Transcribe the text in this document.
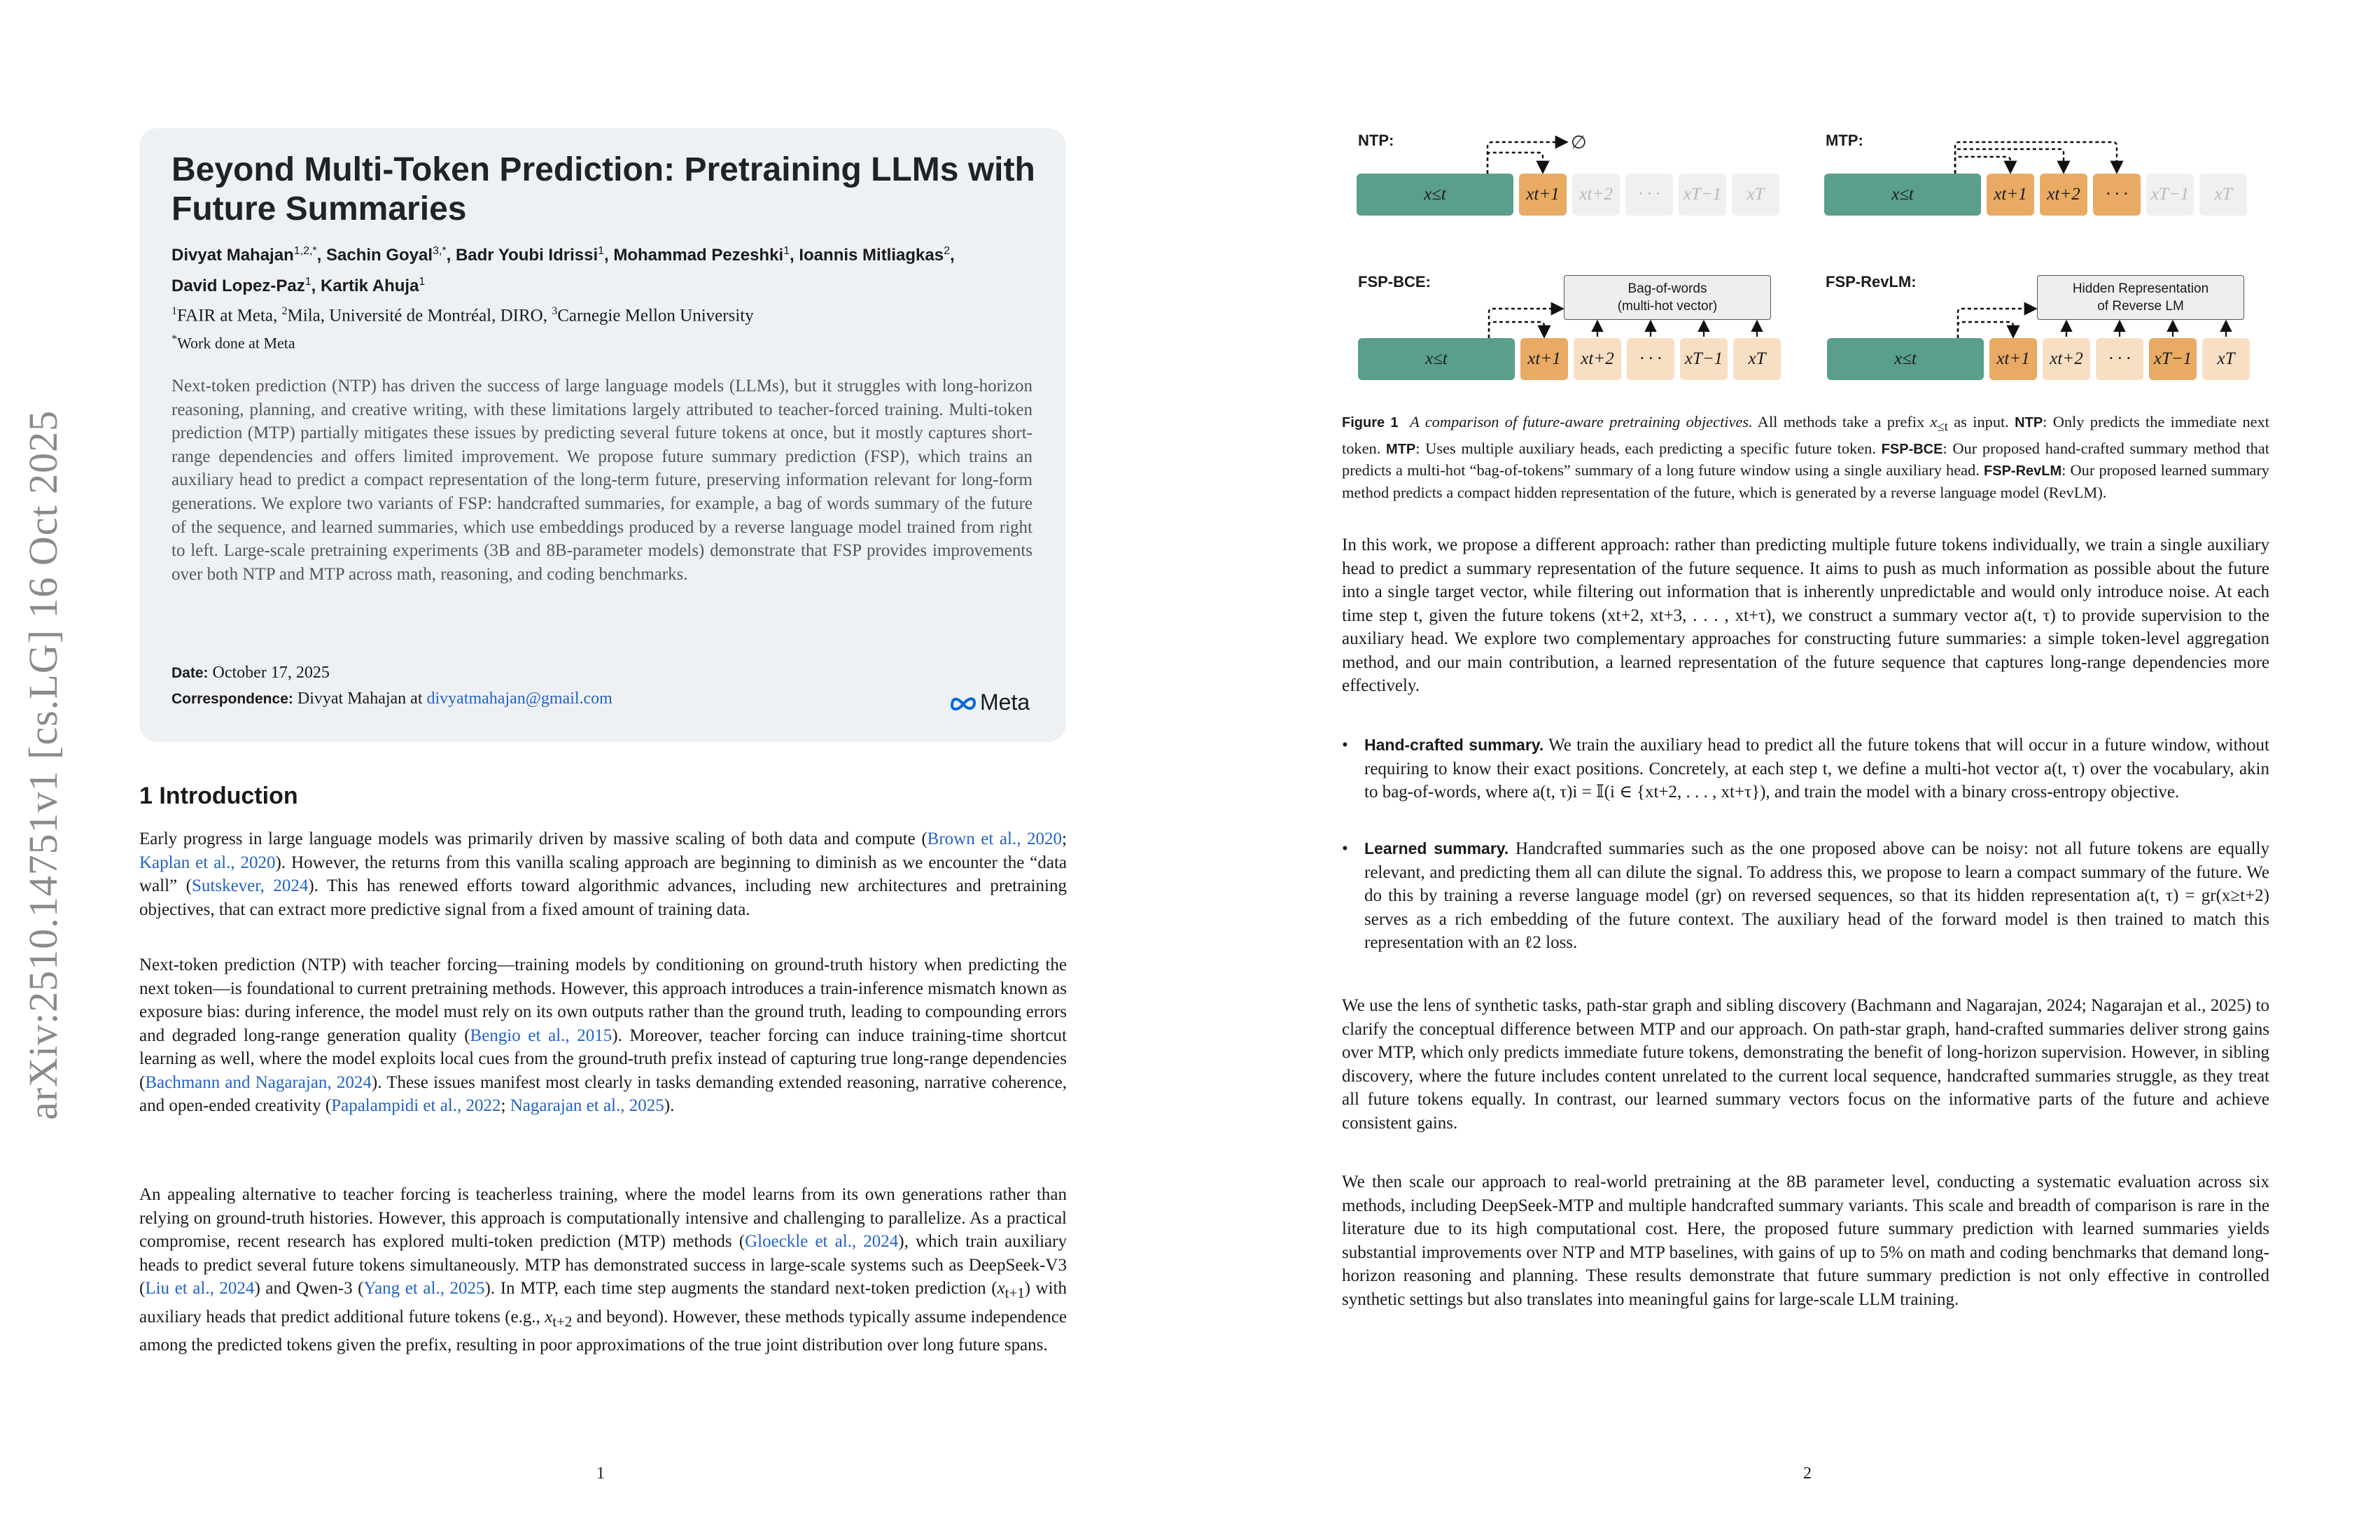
arXiv:2510.14751v1 [cs.LG] 16 Oct 2025
Beyond Multi-Token Prediction: Pretraining LLMs with Future Summaries
Divyat Mahajan$^{1,2,*}$, Sachin Goyal$^{3,*}$, Badr Youbi Idrissi$^1$, Mohammad Pezeshki$^1$, Ioannis Mitliagkas$^2$,
David Lopez-Paz$^1$, Kartik Ahuja$^1$
$^1$FAIR at Meta, $^2$Mila, Université de Montréal, DIRO, $^3$Carnegie Mellon University
*Work done at Meta
Next-token prediction (NTP) has driven the success of large language models (LLMs), but it struggles with long-horizon reasoning, planning, and creative writing, with these limitations largely attributed to teacher-forced training. Multi-token prediction (MTP) partially mitigates these issues by predicting several future tokens at once, but it mostly captures short-range dependencies and offers limited improvement. We propose future summary prediction (FSP), which trains an auxiliary head to predict a compact representation of the long-term future, preserving information relevant for long-form generations. We explore two variants of FSP: handcrafted summaries, for example, a bag of words summary of the future of the sequence, and learned summaries, which use embeddings produced by a reverse language model trained from right to left. Large-scale pretraining experiments (3B and 8B-parameter models) demonstrate that FSP provides improvements over both NTP and MTP across math, reasoning, and coding benchmarks.
Date: October 17, 2025
Correspondence: Divyat Mahajan at divyatmahajan@gmail.com	Meta
1 Introduction

Early progress in large language models was primarily driven by massive scaling of both data and compute (Brown et al., 2020; Kaplan et al., 2020). However, the returns from this vanilla scaling approach are beginning to diminish as we encounter the “data wall” (Sutskever, 2024). This has renewed efforts toward algorithmic advances, including new architectures and pretraining objectives, that can extract more predictive signal from a fixed amount of training data.

Next-token prediction (NTP) with teacher forcing—training models by conditioning on ground-truth history when predicting the next token—is foundational to current pretraining methods. However, this approach introduces a train-inference mismatch known as exposure bias: during inference, the model must rely on its own outputs rather than the ground truth, leading to compounding errors and degraded long-range generation quality (Bengio et al., 2015). Moreover, teacher forcing can induce training-time shortcut learning as well, where the model exploits local cues from the ground-truth prefix instead of capturing true long-range dependencies (Bachmann and Nagarajan, 2024). These issues manifest most clearly in tasks demanding extended reasoning, narrative coherence, and open-ended creativity (Papalampidi et al., 2022; Nagarajan et al., 2025).

An appealing alternative to teacher forcing is teacherless training, where the model learns from its own generations rather than relying on ground-truth histories. However, this approach is computationally intensive and challenging to parallelize. As a practical compromise, recent research has explored multi-token prediction (MTP) methods (Gloeckle et al., 2024), which train auxiliary heads to predict several future tokens simultaneously. MTP has demonstrated success in large-scale systems such as DeepSeek-V3 (Liu et al., 2024) and Qwen-3 (Yang et al., 2025). In MTP, each time step augments the standard next-token prediction $(x_{t+1})$ with auxiliary heads that predict additional future tokens (e.g., $x_{t+2}$ and beyond). However, these methods typically assume independence among the predicted tokens given the prefix, resulting in poor approximations of the true joint distribution over long future spans.

1
NTP:	MTP:
FSP-BCE:	FSP-RevLM:
x≤t	xt+1	xt+2	· · ·	xT−1	xT
∅
x≤t	xt+1	xt+2	· · ·	xT−1	xT
Bag-of-words
(multi-hot vector)
x≤t	xt+1	xt+2	· · ·	xT−1	xT
Hidden Representation
of Reverse LM
x≤t	xt+1	xt+2	· · ·	xT−1	xT
Figure 1 A comparison of future-aware pretraining objectives. All methods take a prefix $x_{\le t}$ as input. NTP: Only predicts the immediate next token. MTP: Uses multiple auxiliary heads, each predicting a specific future token. FSP-BCE: Our proposed hand-crafted summary method that predicts a multi-hot “bag-of-tokens” summary of a long future window using a single auxiliary head. FSP-RevLM: Our proposed learned summary method predicts a compact hidden representation of the future, which is generated by a reverse language model (RevLM).
In this work, we propose a different approach: rather than predicting multiple future tokens individually, we train a single auxiliary head to predict a summary representation of the future sequence. It aims to push as much information as possible about the future into a single target vector, while filtering out information that is inherently unpredictable and would only introduce noise. At each time step t, given the future tokens (xt+2, xt+3, . . . , xt+τ), we construct a summary vector a(t, τ) to provide supervision to the auxiliary head. We explore two complementary approaches for constructing future summaries: a simple token-level aggregation method, and our main contribution, a learned representation of the future sequence that captures long-range dependencies more effectively.
• Hand-crafted summary. We train the auxiliary head to predict all the future tokens that will occur in a future window, without requiring to know their exact positions. Concretely, at each step t, we define a multi-hot vector a(t, τ) over the vocabulary, akin to bag-of-words, where a(t, τ)i = 𝕀(i ∈ {xt+2, . . . , xt+τ}), and train the model with a binary cross-entropy objective.
• Learned summary. Handcrafted summaries such as the one proposed above can be noisy: not all future tokens are equally relevant, and predicting them all can dilute the signal. To address this, we propose to learn a compact summary of the future. We do this by training a reverse language model (gr) on reversed sequences, so that its hidden representation a(t, τ) = gr(x≥t+2) serves as a rich embedding of the future context. The auxiliary head of the forward model is then trained to match this representation with an ℓ2 loss.
We use the lens of synthetic tasks, path-star graph and sibling discovery (Bachmann and Nagarajan, 2024; Nagarajan et al., 2025) to clarify the conceptual difference between MTP and our approach. On path-star graph, hand-crafted summaries deliver strong gains over MTP, which only predicts immediate future tokens, demonstrating the benefit of long-horizon supervision. However, in sibling discovery, where the future includes content unrelated to the current local sequence, handcrafted summaries struggle, as they treat all future tokens equally. In contrast, our learned summary vectors focus on the informative parts of the future and achieve consistent gains.
We then scale our approach to real-world pretraining at the 8B parameter level, conducting a systematic evaluation across six methods, including DeepSeek-MTP and multiple handcrafted summary variants. This scale and breadth of comparison is rare in the literature due to its high computational cost. Here, the proposed future summary prediction with learned summaries yields substantial improvements over NTP and MTP baselines, with gains of up to 5% on math and coding benchmarks that demand long-horizon reasoning and planning. These results demonstrate that future summary prediction is not only effective in controlled synthetic settings but also translates into meaningful gains for large-scale LLM training.
2
